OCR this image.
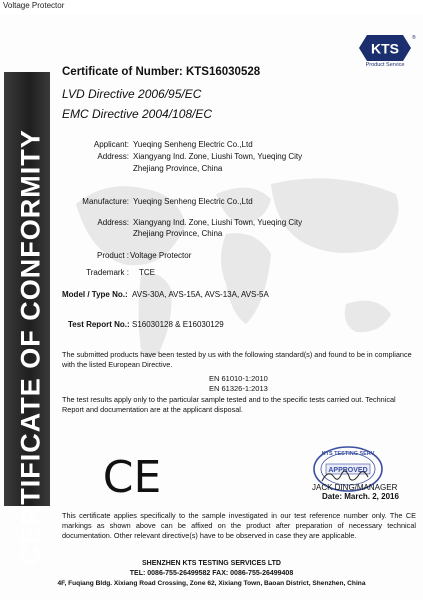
Voltage Protector
CERTIFICATE OF CONFORMITY
KTS
®
Product Service
Certificate of Number: KTS16030528
LVD Directive 2006/95/EC
EMC Directive 2004/108/EC
Applicant: Yueqing Senheng Electric Co.,Ltd
Address: Xiangyang Ind. Zone, Liushi Town, Yueqing City
Zhejiang Province, China
Manufacture: Yueqing Senheng Electric Co.,Ltd
Address: Xiangyang Ind. Zone, Liushi Town, Yueqing City
Zhejiang Province, China
Product : Voltage Protector
Trademark : TCE
Model / Type No.: AVS-30A, AVS-15A, AVS-13A, AVS-5A
Test Report No.: S16030128 & E16030129
The submitted products have been tested by us with the following standard(s) and found to be in compliance with the listed European Directive.
EN 61010-1:2010
EN 61326-1:2013
The test results apply only to the particular sample tested and to the specific tests carried out. Technical Report and documentation are at the applicant disposal.
CE	KTS TESTING SERV
APPROVED
JACK DING/MANAGER
Date: March. 2, 2016
This certificate applies specifically to the sample investigated in our test reference number only. The CE markings as shown above can be affixed on the product after preparation of necessary technical documentation. Other relevant directive(s) have to be observed in case they are applicable.
SHENZHEN KTS TESTING SERVICES LTD
TEL: 0086-755-26499582 FAX: 0086-755-26499408
4F, Fuqiang Bldg. Xixiang Road Crossing, Zone 62, Xixiang Town, Baoan District, Shenzhen, China
